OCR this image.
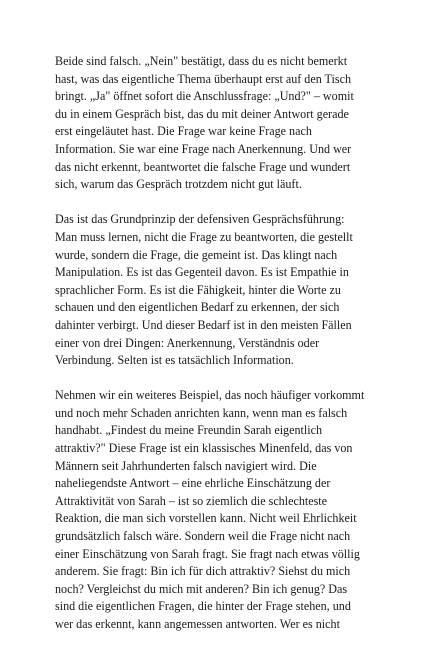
Beide sind falsch. „Nein" bestätigt, dass du es nicht bemerkt
hast, was das eigentliche Thema überhaupt erst auf den Tisch
bringt. „Ja" öffnet sofort die Anschlussfrage: „Und?" – womit
du in einem Gespräch bist, das du mit deiner Antwort gerade
erst eingeläutet hast. Die Frage war keine Frage nach
Information. Sie war eine Frage nach Anerkennung. Und wer
das nicht erkennt, beantwortet die falsche Frage und wundert
sich, warum das Gespräch trotzdem nicht gut läuft.

Das ist das Grundprinzip der defensiven Gesprächsführung:
Man muss lernen, nicht die Frage zu beantworten, die gestellt
wurde, sondern die Frage, die gemeint ist. Das klingt nach
Manipulation. Es ist das Gegenteil davon. Es ist Empathie in
sprachlicher Form. Es ist die Fähigkeit, hinter die Worte zu
schauen und den eigentlichen Bedarf zu erkennen, der sich
dahinter verbirgt. Und dieser Bedarf ist in den meisten Fällen
einer von drei Dingen: Anerkennung, Verständnis oder
Verbindung. Selten ist es tatsächlich Information.

Nehmen wir ein weiteres Beispiel, das noch häufiger vorkommt
und noch mehr Schaden anrichten kann, wenn man es falsch
handhabt. „Findest du meine Freundin Sarah eigentlich
attraktiv?" Diese Frage ist ein klassisches Minenfeld, das von
Männern seit Jahrhunderten falsch navigiert wird. Die
naheliegendste Antwort – eine ehrliche Einschätzung der
Attraktivität von Sarah – ist so ziemlich die schlechteste
Reaktion, die man sich vorstellen kann. Nicht weil Ehrlichkeit
grundsätzlich falsch wäre. Sondern weil die Frage nicht nach
einer Einschätzung von Sarah fragt. Sie fragt nach etwas völlig
anderem. Sie fragt: Bin ich für dich attraktiv? Siehst du mich
noch? Vergleichst du mich mit anderen? Bin ich genug? Das
sind die eigentlichen Fragen, die hinter der Frage stehen, und
wer das erkennt, kann angemessen antworten. Wer es nicht
